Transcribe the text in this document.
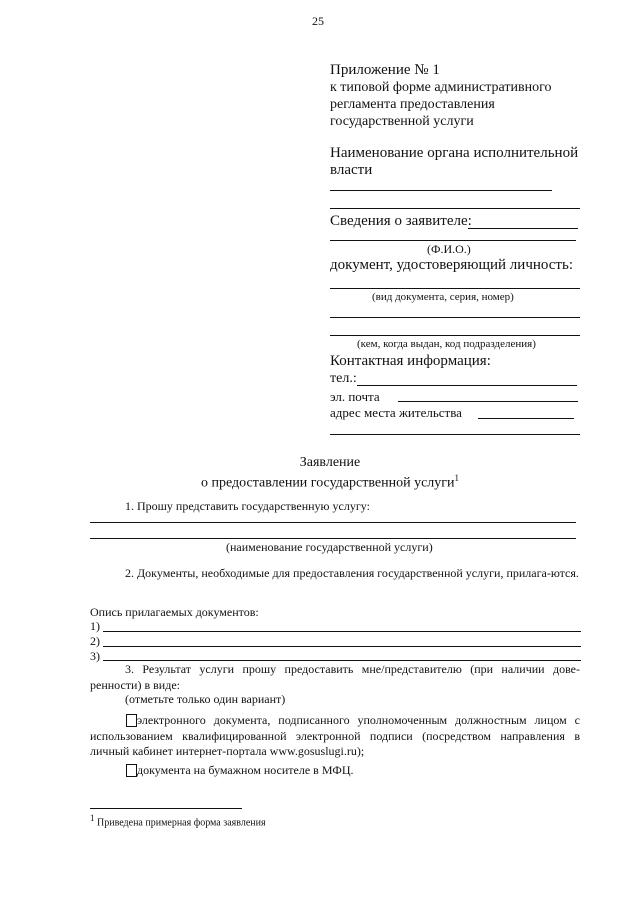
25
Приложение № 1
к типовой форме административного
регламента предоставления
государственной услуги
Наименование органа исполнительной
власти
Сведения о заявителе:
(Ф.И.О.)
документ, удостоверяющий личность:
(вид документа, серия, номер)
(кем, когда выдан, код подразделения)
Контактная информация:
тел.:
эл. почта
адрес места жительства
Заявление
о предоставлении государственной услуги$^1$
1. Прошу представить государственную услугу:
(наименование государственной услуги)
2. Документы, необходимые для предоставления государственной услуги, прилага-ются.
Опись прилагаемых документов:
1)
2)
3)
3. Результат услуги прошу предоставить мне/представителю (при наличии дове-ренности) в виде:
(отметьте только один вариант)
электронного документа, подписанного уполномоченным должностным лицом с использованием квалифицированной электронной подписи (посредством направления в личный кабинет интернет-портала www.gosuslugi.ru);
документа на бумажном носителе в МФЦ.
$^1$ Приведена примерная форма заявления
